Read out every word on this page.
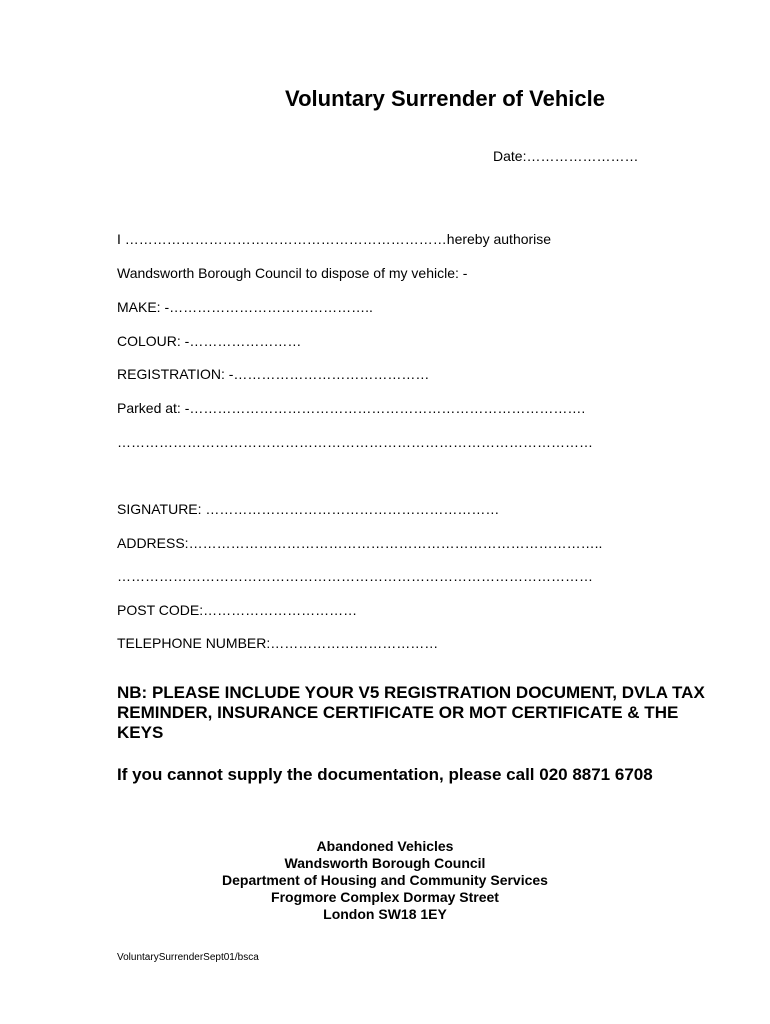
Voluntary Surrender of Vehicle
Date:……………………
I ……………………………………………………………hereby authorise
Wandsworth Borough Council to dispose of my vehicle: -
MAKE: -……………………………………..
COLOUR: -……………………
REGISTRATION: -……………………………………
Parked at: -………………………………………………………………………….
…………………………………………………………………………………………
SIGNATURE: ………………………………………………………
ADDRESS:……………………………………………………………………………..
…………………………………………………………………………………………
POST CODE:……………………………
TELEPHONE NUMBER:………………………………
NB: PLEASE INCLUDE YOUR V5 REGISTRATION DOCUMENT, DVLA TAX REMINDER, INSURANCE CERTIFICATE OR MOT CERTIFICATE & THE KEYS
If you cannot supply the documentation, please call 020 8871 6708
Abandoned Vehicles
Wandsworth Borough Council
Department of Housing and Community Services
Frogmore Complex Dormay Street
London SW18 1EY
VoluntarySurrenderSept01/bsca
